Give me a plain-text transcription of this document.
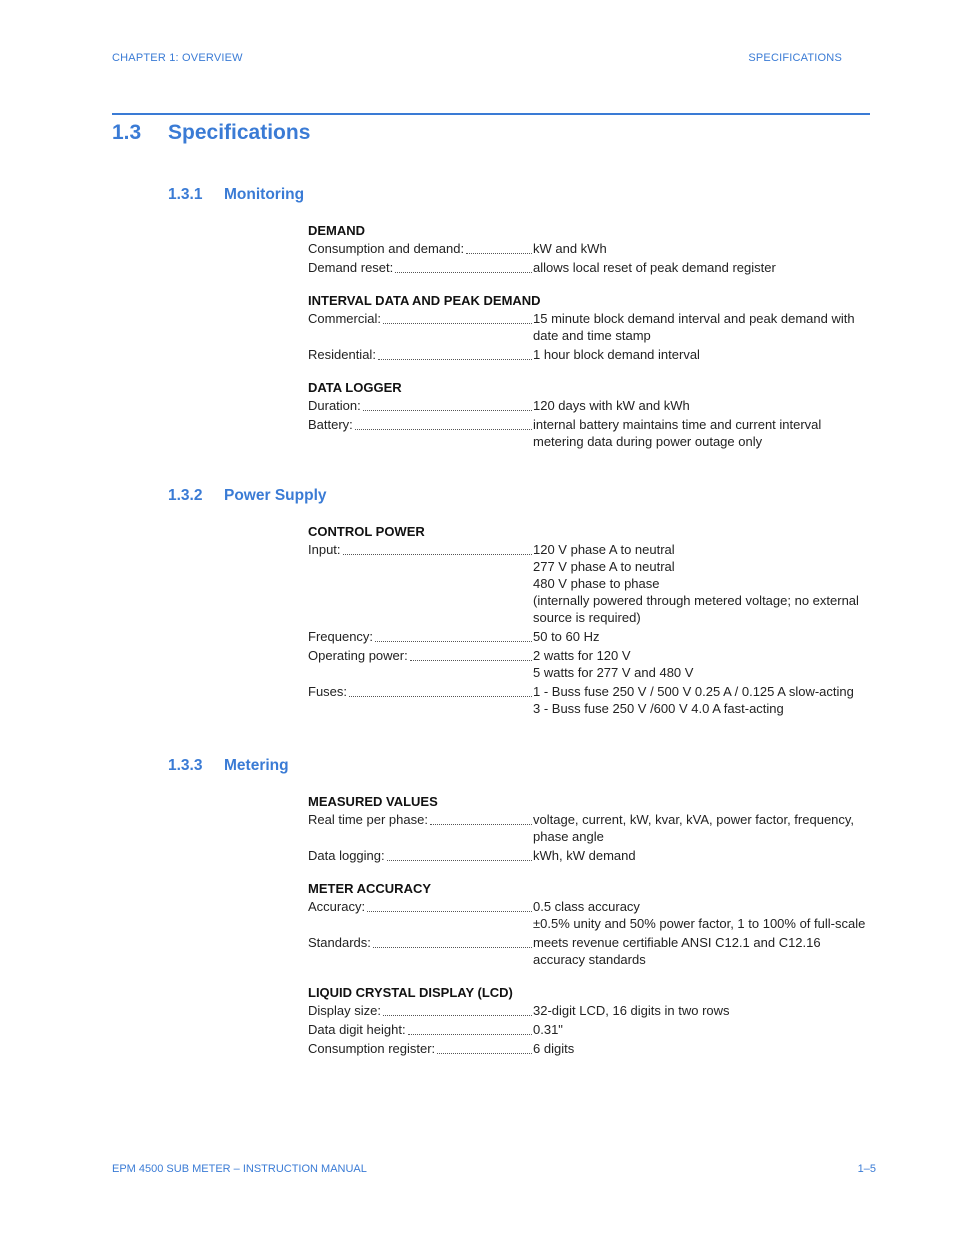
CHAPTER 1: OVERVIEW	SPECIFICATIONS
1.3 Specifications
1.3.1 Monitoring
DEMAND
Consumption and demand:	kW and kWh
Demand reset:	allows local reset of peak demand register
INTERVAL DATA AND PEAK DEMAND
Commercial:	15 minute block demand interval and peak demand with date and time stamp
Residential:	1 hour block demand interval
DATA LOGGER
Duration:	120 days with kW and kWh
Battery:	internal battery maintains time and current interval metering data during power outage only
1.3.2 Power Supply
CONTROL POWER
Input:	120 V phase A to neutral
277 V phase A to neutral
480 V phase to phase
(internally powered through metered voltage; no external source is required)
Frequency:	50 to 60 Hz
Operating power:	2 watts for 120 V
5 watts for 277 V and 480 V
Fuses:	1 - Buss fuse 250 V / 500 V 0.25 A / 0.125 A slow-acting
3 - Buss fuse 250 V /600 V 4.0 A fast-acting
1.3.3 Metering
MEASURED VALUES
Real time per phase:	voltage, current, kW, kvar, kVA, power factor, frequency, phase angle
Data logging:	kWh, kW demand
METER ACCURACY
Accuracy:	0.5 class accuracy
±0.5% unity and 50% power factor, 1 to 100% of full-scale
Standards:	meets revenue certifiable ANSI C12.1 and C12.16 accuracy standards
LIQUID CRYSTAL DISPLAY (LCD)
Display size:	32-digit LCD, 16 digits in two rows
Data digit height:	0.31"
Consumption register:	6 digits
EPM 4500 SUB METER – INSTRUCTION MANUAL	1–5
